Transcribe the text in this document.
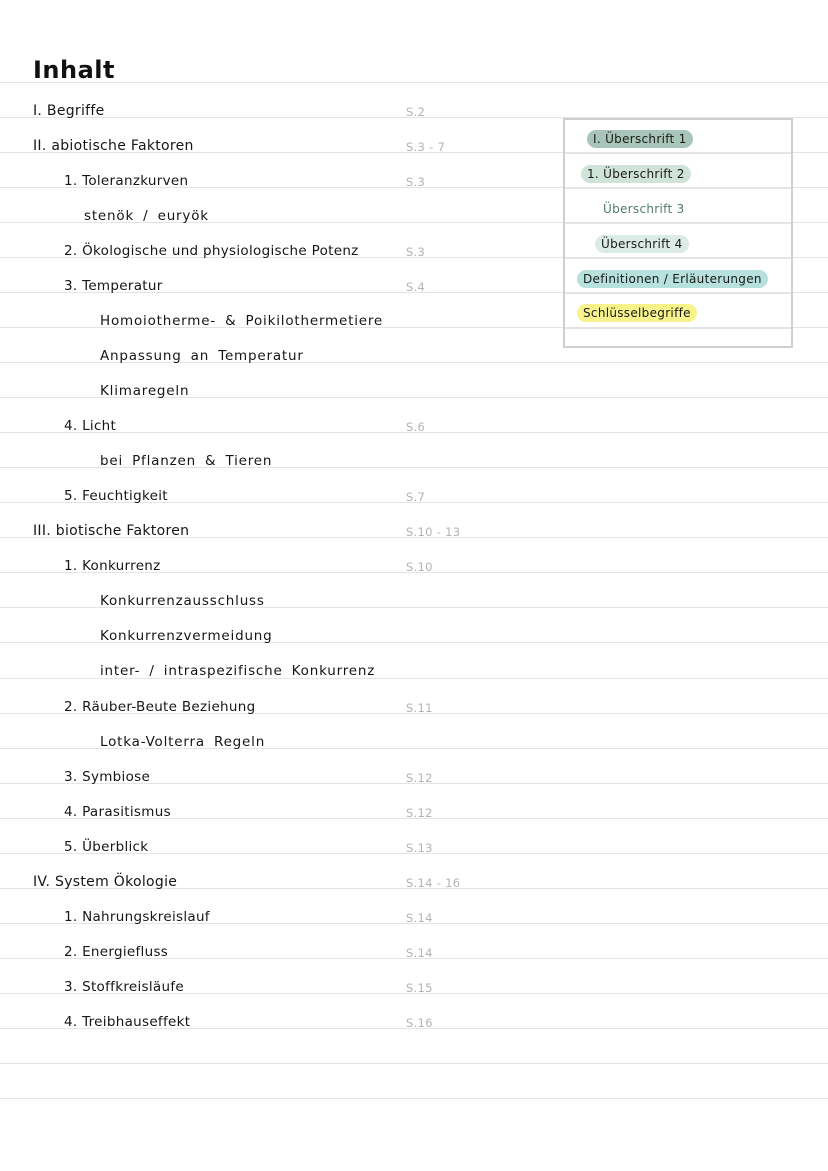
Inhalt
I. Begriffe	S.2
II. abiotische Faktoren	S.3 - 7
1. Toleranzkurven	S.3
stenök / euryök
2. Ökologische und physiologische Potenz	S.3
3. Temperatur	S.4
Homoiotherme- & Poikilothermetiere
Anpassung an Temperatur
Klimaregeln
4. Licht	S.6
bei Pflanzen & Tieren
5. Feuchtigkeit	S.7
III. biotische Faktoren	S.10 - 13
1. Konkurrenz	S.10
Konkurrenzausschluss
Konkurrenzvermeidung
inter- / intraspezifische Konkurrenz
2. Räuber-Beute Beziehung	S.11
Lotka-Volterra Regeln
3. Symbiose	S.12
4. Parasitismus	S.12
5. Überblick	S.13
IV. System Ökologie	S.14 - 16
1. Nahrungskreislauf	S.14
2. Energiefluss	S.14
3. Stoffkreisläufe	S.15
4. Treibhauseffekt	S.16
I. Überschrift 1
1. Überschrift 2
Überschrift 3
Überschrift 4
Definitionen / Erläuterungen
Schlüsselbegriffe
